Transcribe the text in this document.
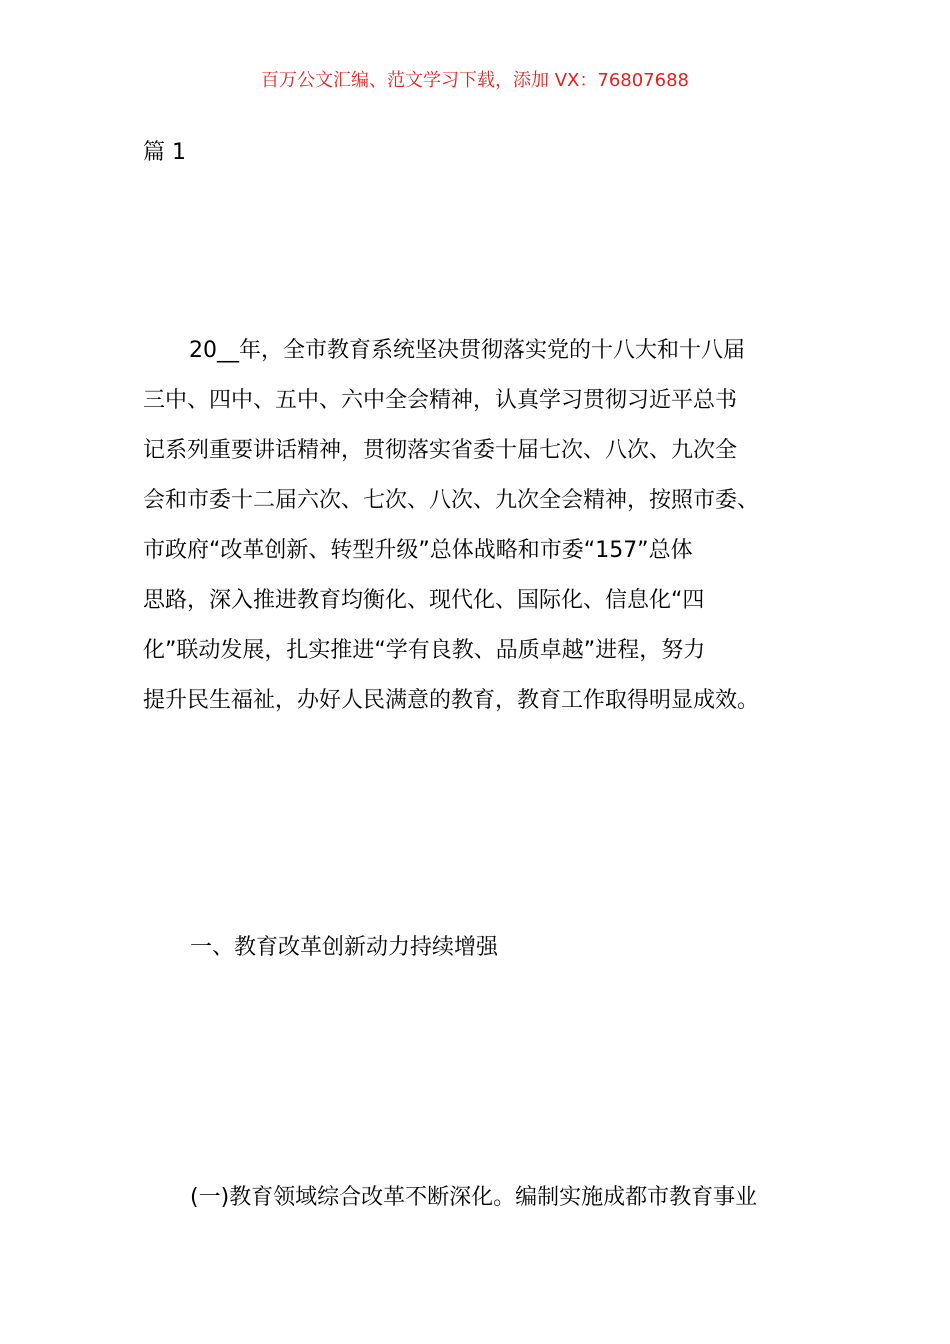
百万公文汇编、范文学习下载，添加 VX：76807688
篇 1
20__年，全市教育系统坚决贯彻落实党的十八大和十八届
三中、四中、五中、六中全会精神，认真学习贯彻习近平总书
记系列重要讲话精神，贯彻落实省委十届七次、八次、九次全
会和市委十二届六次、七次、八次、九次全会精神，按照市委、
市政府“改革创新、转型升级”总体战略和市委“157”总体
思路，深入推进教育均衡化、现代化、国际化、信息化“四
化”联动发展，扎实推进“学有良教、品质卓越”进程，努力
提升民生福祉，办好人民满意的教育，教育工作取得明显成效。
一、教育改革创新动力持续增强
(一)教育领域综合改革不断深化。编制实施成都市教育事业
